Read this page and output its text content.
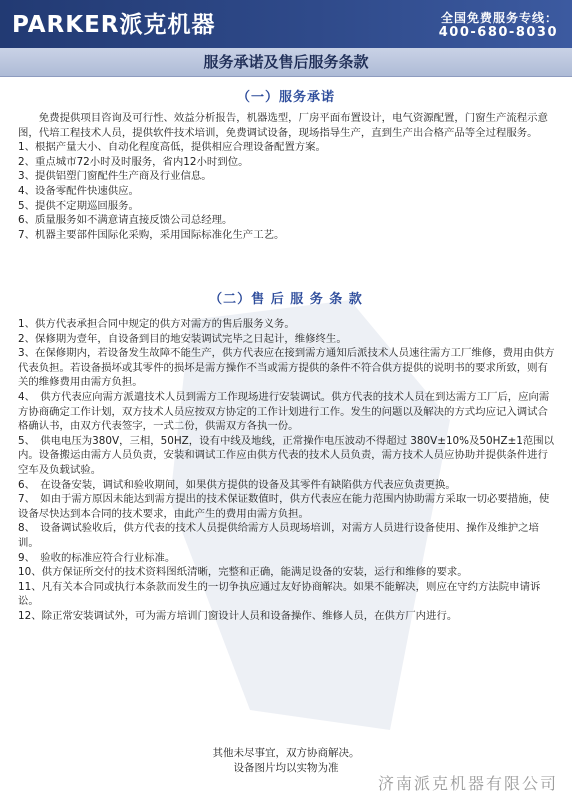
PARKER派克机器	全国免费服务专线：
400-680-8030
服务承诺及售后服务条款
（一）服务承诺
免费提供项目咨询及可行性、效益分析报告，机器选型，厂房平面布置设计，电气资源配置，门窗生产流程示意图，代培工程技术人员，提供软件技术培训，免费调试设备，现场指导生产，直到生产出合格产品等全过程服务。
1、根据产量大小、自动化程度高低，提供相应合理设备配置方案。
2、重点城市72小时及时服务，省内12小时到位。
3、提供铝塑门窗配件生产商及行业信息。
4、设备零配件快速供应。
5、提供不定期巡回服务。
6、质量服务如不满意请直接反馈公司总经理。
7、机器主要部件国际化采购，采用国际标准化生产工艺。
（二）售 后 服 务 条 款
1、供方代表承担合同中规定的供方对需方的售后服务义务。
2、保修期为壹年，自设备到目的地安装调试完毕之日起计，维修终生。
3、在保修期内，若设备发生故障不能生产，供方代表应在接到需方通知后派技术人员速往需方工厂维修，费用由供方代表负担。若设备损坏或其零件的损坏是需方操作不当或需方提供的条件不符合供方提供的说明书的要求所致，则有关的维修费用由需方负担。
4、　供方代表应向需方派遣技术人员到需方工作现场进行安装调试。供方代表的技术人员在到达需方工厂后，应向需方协商确定工作计划，双方技术人员应按双方协定的工作计划进行工作。发生的问题以及解决的方式均应记入调试合格确认书，由双方代表签字，一式二份，供需双方各执一份。
5、　供电电压为380V，三相，50HZ，设有中线及地线，正常操作电压波动不得超过 380V±10%及50HZ±1范围以内。设备搬运由需方人员负责，安装和调试工作应由供方代表的技术人员负责，需方技术人员应协助并提供条件进行空车及负载试验。
6、　在设备安装，调试和验收期间，如果供方提供的设备及其零件有缺陷供方代表应负责更换。
7、　如由于需方原因未能达到需方提出的技术保证数值时，供方代表应在能力范围内协助需方采取一切必要措施，使设备尽快达到本合同的技术要求，由此产生的费用由需方负担。
8、　设备调试验收后，供方代表的技术人员提供给需方人员现场培训，对需方人员进行设备使用、操作及维护之培训。
9、　验收的标准应符合行业标准。
10、供方保证所交付的技术资料图纸清晰，完整和正确，能满足设备的安装，运行和维修的要求。
11、凡有关本合同或执行本条款而发生的一切争执应通过友好协商解决。如果不能解决，则应在守约方法院申请诉讼。
12、除正常安装调试外，可为需方培训门窗设计人员和设备操作、维修人员，在供方厂内进行。
其他未尽事宜，双方协商解决。
设备图片均以实物为准
济南派克机器有限公司
